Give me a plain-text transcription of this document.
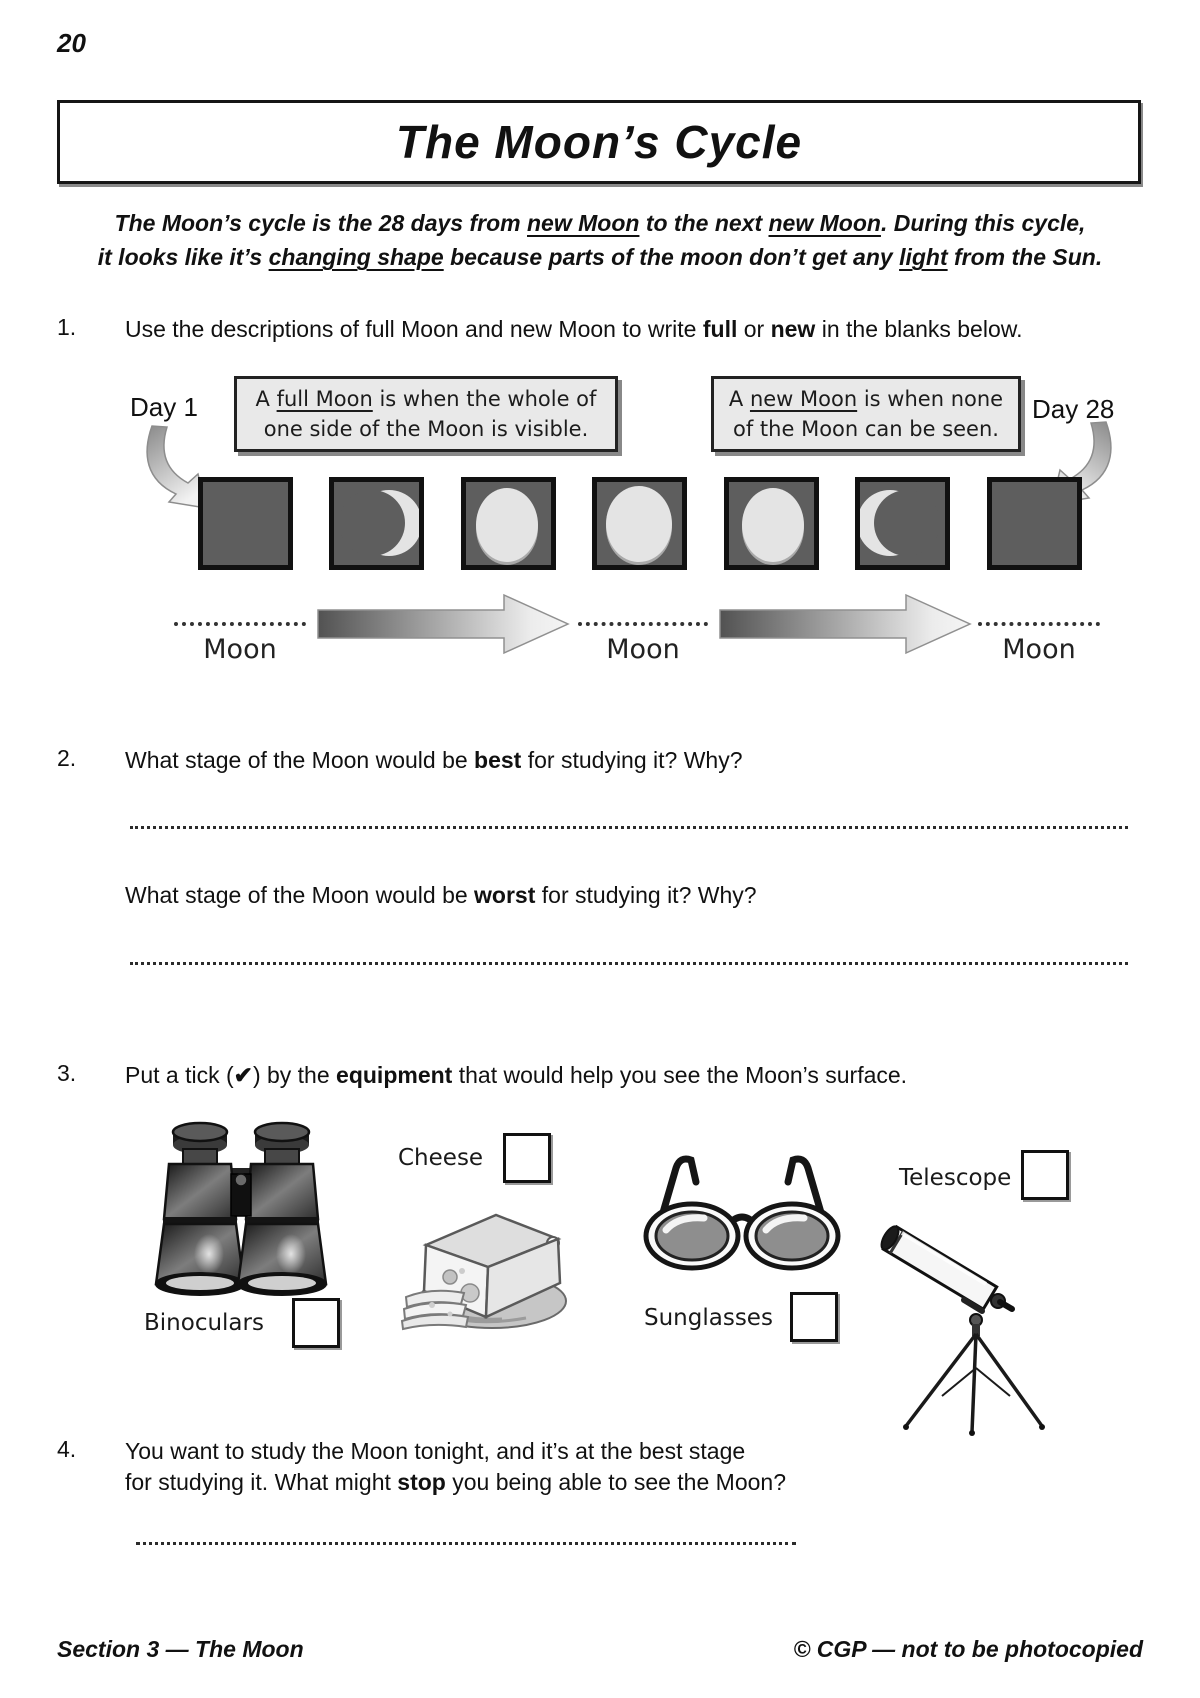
20
The Moon’s Cycle
The Moon’s cycle is the 28 days from new Moon to the next new Moon. During this cycle,
it looks like it’s changing shape because parts of the moon don’t get any light from the Sun.
1. Use the descriptions of full Moon and new Moon to write full or new in the blanks below.
Day 1	Day 28
A full Moon is when the whole of
one side of the Moon is visible.
A new Moon is when none
of the Moon can be seen.
Moon	Moon	Moon
2. What stage of the Moon would be best for studying it? Why?
What stage of the Moon would be worst for studying it? Why?
3. Put a tick (✔) by the equipment that would help you see the Moon’s surface.
Binoculars
Cheese
Sunglasses
Telescope
4. You want to study the Moon tonight, and it’s at the best stage
for studying it. What might stop you being able to see the Moon?
Section 3 — The Moon	© CGP — not to be photocopied
